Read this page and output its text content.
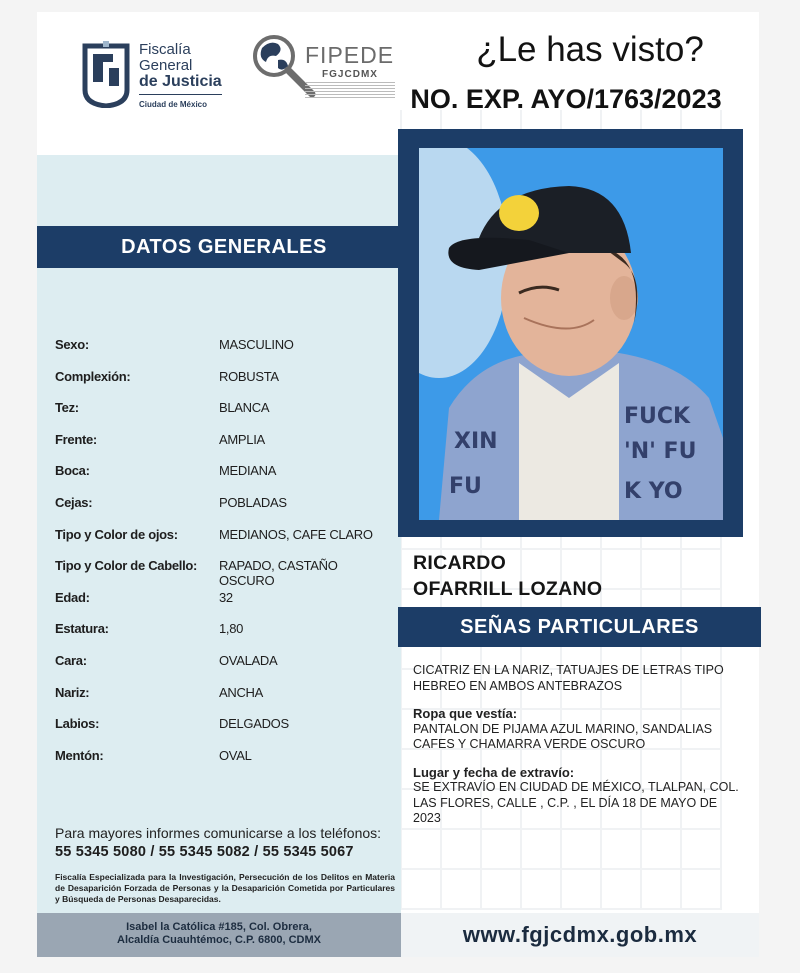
Fiscalía
General
de Justicia
Ciudad de México
FIPEDE
FGJCDMX
¿Le has visto?
NO. EXP. AYO/1763/2023
DATOS GENERALES
Sexo:	MASCULINO
Complexión:	ROBUSTA
Tez:	BLANCA
Frente:	AMPLIA
Boca:	MEDIANA
Cejas:	POBLADAS
Tipo y Color de ojos:	MEDIANOS, CAFE CLARO
Tipo y Color de Cabello: RAPADO, CASTAÑO OSCURO
Edad:	32
Estatura:	1,80
Cara:	OVALADA
Nariz:	ANCHA
Labios:	DELGADOS
Mentón:	OVAL
Para mayores informes comunicarse a los teléfonos:
55 5345 5080 / 55 5345 5082 / 55 5345 5067
Fiscalía Especializada para la Investigación, Persecución de los Delitos en Materia de Desaparición Forzada de Personas y la Desaparición Cometida por Particulares y Búsqueda de Personas Desaparecidas.
Isabel la Católica #185, Col. Obrera,
Alcaldía Cuauhtémoc, C.P. 6800, CDMX	www.fgjcdmx.gob.mx
XIN
FU
FUCK
'N' FU
K YO
RICARDO
OFARRILL LOZANO
SEÑAS PARTICULARES
CICATRIZ EN LA NARIZ, TATUAJES DE LETRAS TIPO HEBREO EN AMBOS ANTEBRAZOS
Ropa que vestía:
PANTALON DE PIJAMA AZUL MARINO, SANDALIAS CAFES Y CHAMARRA VERDE OSCURO
Lugar y fecha de extravío:
SE EXTRAVÍO EN CIUDAD DE MÉXICO, TLALPAN, COL. LAS FLORES, CALLE , C.P. , EL DÍA 18 DE MAYO DE 2023
